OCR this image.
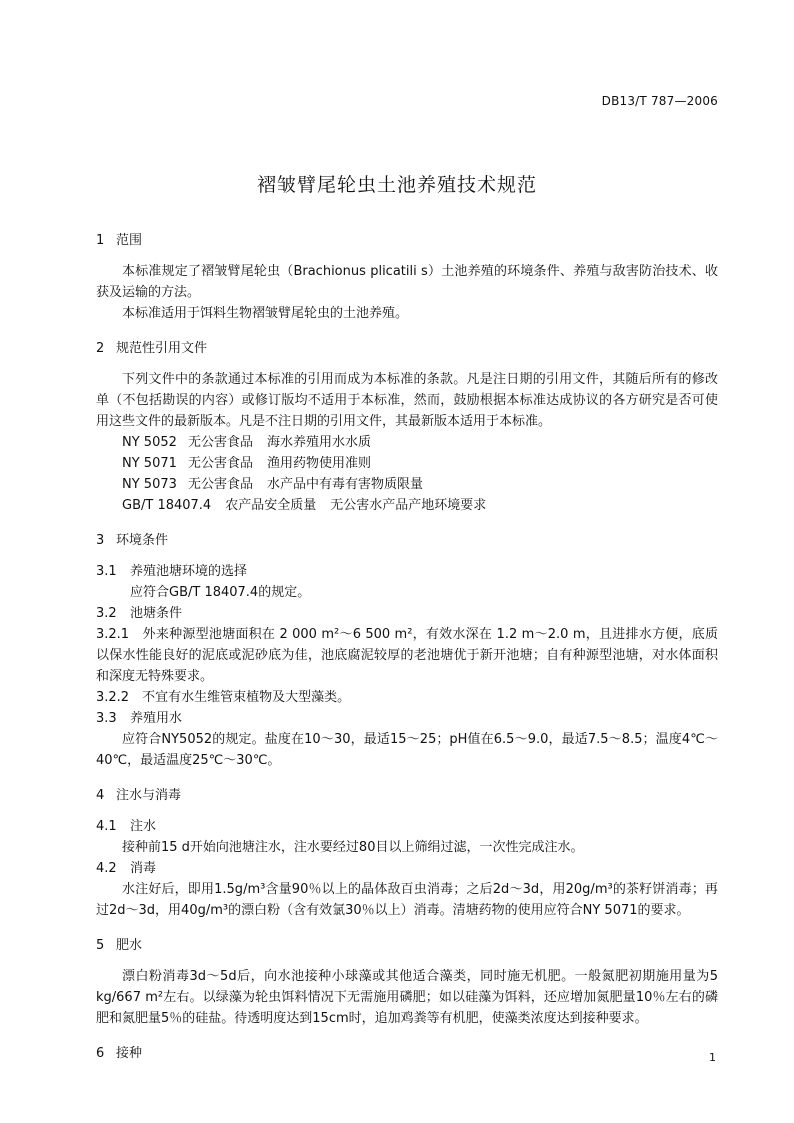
DB13/T 787—2006
褶皱臂尾轮虫土池养殖技术规范
1 范围

本标准规定了褶皱臂尾轮虫（Brachionus plicatili s）土池养殖的环境条件、养殖与敌害防治技术、收获及运输的方法。

本标准适用于饵料生物褶皱臂尾轮虫的土池养殖。

2 规范性引用文件

下列文件中的条款通过本标准的引用而成为本标准的条款。凡是注日期的引用文件，其随后所有的修改单（不包括勘误的内容）或修订版均不适用于本标准，然而，鼓励根据本标准达成协议的各方研究是否可使用这些文件的最新版本。凡是不注日期的引用文件，其最新版本适用于本标准。

NY 5052 无公害食品 海水养殖用水水质

NY 5071 无公害食品 渔用药物使用准则

NY 5073 无公害食品 水产品中有毒有害物质限量

GB/T 18407.4 农产品安全质量 无公害水产品产地环境要求

3 环境条件
3.1 养殖池塘环境的选择

应符合GB/T 18407.4的规定。

3.2 池塘条件

3.2.1　外来种源型池塘面积在 2 000 m²～6 500 m²，有效水深在 1.2 m～2.0 m，且进排水方便，底质以保水性能良好的泥底或泥砂底为佳，池底腐泥较厚的老池塘优于新开池塘；自有种源型池塘，对水体面积和深度无特殊要求。

3.2.2　不宜有水生维管束植物及大型藻类。

3.3 养殖用水

应符合NY5052的规定。盐度在10～30，最适15～25；pH值在6.5～9.0，最适7.5～8.5；温度4℃～40℃，最适温度25℃～30℃。

4 注水与消毒
4.1 注水

接种前15 d开始向池塘注水，注水要经过80目以上筛绢过滤，一次性完成注水。

4.2 消毒

水注好后，即用1.5g/m³含量90％以上的晶体敌百虫消毒；之后2d～3d，用20g/m³的茶籽饼消毒；再过2d～3d，用40g/m³的漂白粉（含有效氯30％以上）消毒。清塘药物的使用应符合NY 5071的要求。

5 肥水

漂白粉消毒3d～5d后，向水池接种小球藻或其他适合藻类，同时施无机肥。一般氮肥初期施用量为5 kg/667 m²左右。以绿藻为轮虫饵料情况下无需施用磷肥；如以硅藻为饵料，还应增加氮肥量10％左右的磷肥和氮肥量5％的硅盐。待透明度达到15cm时，追加鸡粪等有机肥，使藻类浓度达到接种要求。

6 接种	1
